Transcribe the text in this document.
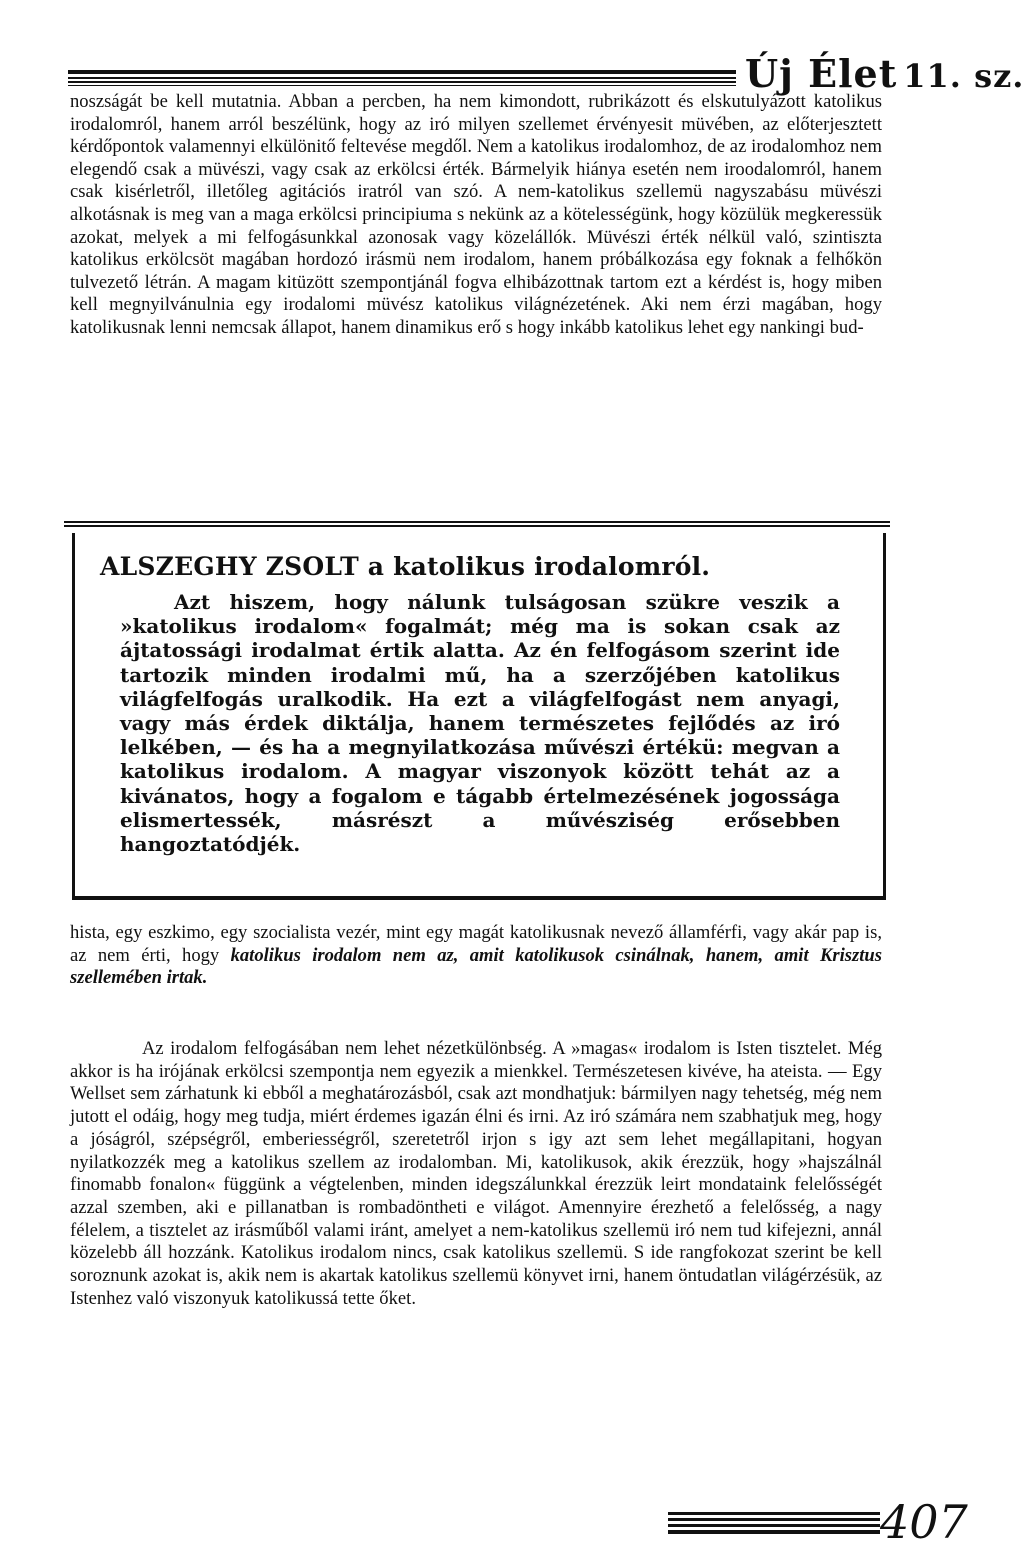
Új Élet 11. sz.

noszságát be kell mutatnia. Abban a percben, ha nem kimondott, rubrikázott és elskutulyázott katolikus irodalomról, hanem arról beszélünk, hogy az iró milyen szellemet érvényesit müvében, az előterjesztett kérdőpontok valamennyi elkülönitő feltevése megdől. Nem a katolikus irodalomhoz, de az irodalomhoz nem elegendő csak a müvészi, vagy csak az erkölcsi érték. Bármelyik hiánya esetén nem iroodalomról, hanem csak kisérletről, illetőleg agitációs iratról van szó. A nem-katolikus szellemü nagyszabásu müvészi alkotásnak is meg van a maga erkölcsi principiuma s nekünk az a kötelességünk, hogy közülük megkeressük azokat, melyek a mi felfogásunkkal azonosak vagy közelállók. Müvészi érték nélkül való, szintiszta katolikus erkölcsöt magában hordozó irásmü nem irodalom, hanem próbálkozása egy foknak a felhőkön tulvezető létrán. A magam kitüzött szempontjánál fogva elhibázottnak tartom ezt a kérdést is, hogy miben kell megnyilvánulnia egy irodalomi müvész katolikus világnézetének. Aki nem érzi magában, hogy katolikusnak lenni nemcsak állapot, hanem dinamikus erő s hogy inkább katolikus lehet egy nankingi bud-

ALSZEGHY ZSOLT a katolikus irodalomról.
Azt hiszem, hogy nálunk tulságosan szükre veszik a »katolikus irodalom« fogalmát; még ma is sokan csak az ájtatossági irodalmat értik alatta. Az én felfogásom szerint ide tartozik minden irodalmi mű, ha a szerzőjében katolikus világfelfogás uralkodik. Ha ezt a világfelfogást nem anyagi, vagy más érdek diktálja, hanem természetes fejlődés az iró lelkében, — és ha a megnyilatkozása művészi értékü: megvan a katolikus irodalom. A magyar viszonyok között tehát az a kivánatos, hogy a fogalom e tágabb értelmezésének jogossága elismertessék, másrészt a művésziség erősebben hangoztatódjék.

hista, egy eszkimo, egy szocialista vezér, mint egy magát katolikusnak nevező államférfi, vagy akár pap is, az nem érti, hogy katolikus irodalom nem az, amit katolikusok csinálnak, hanem, amit Krisztus szellemében irtak.

Az irodalom felfogásában nem lehet nézetkülönbség. A »magas« irodalom is Isten tisztelet. Még akkor is ha irójának erkölcsi szempontja nem egyezik a mienkkel. Természetesen kivéve, ha ateista. — Egy Wellset sem zárhatunk ki ebből a meghatározásból, csak azt mondhatjuk: bármilyen nagy tehetség, még nem jutott el odáig, hogy meg tudja, miért érdemes igazán élni és irni. Az iró számára nem szabhatjuk meg, hogy a jóságról, szépségről, emberiességről, szeretetről irjon s igy azt sem lehet megállapitani, hogyan nyilatkozzék meg a katolikus szellem az irodalomban. Mi, katolikusok, akik érezzük, hogy »hajszálnál finomabb fonalon« függünk a végtelenben, minden idegszálunkkal érezzük leirt mondataink felelősségét azzal szemben, aki e pillanatban is rombadöntheti e világot. Amennyire érezhető a felelősség, a nagy félelem, a tisztelet az irásműből valami iránt, amelyet a nem-katolikus szellemü iró nem tud kifejezni, annál közelebb áll hozzánk. Katolikus irodalom nincs, csak katolikus szellemü. S ide rangfokozat szerint be kell soroznunk azokat is, akik nem is akartak katolikus szellemü könyvet irni, hanem öntudatlan világérzésük, az Istenhez való viszonyuk katolikussá tette őket.

407
